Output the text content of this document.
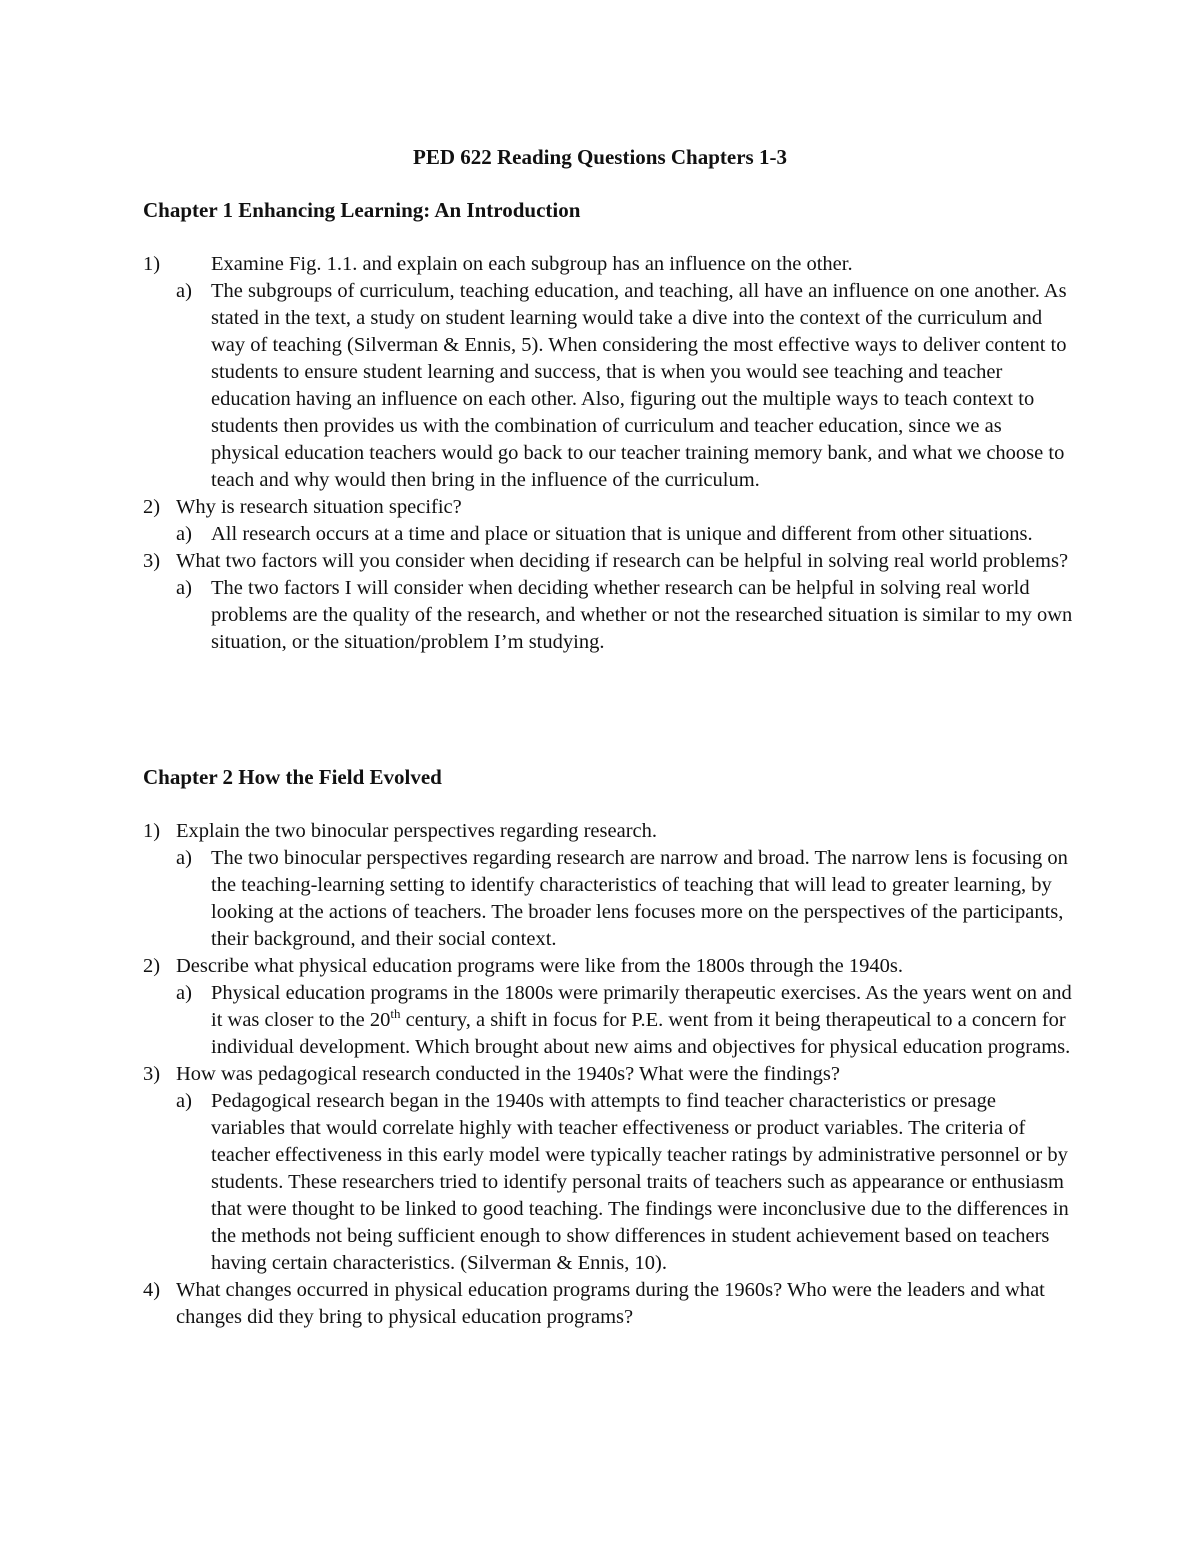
PED 622 Reading Questions Chapters 1-3
Chapter 1 Enhancing Learning: An Introduction
1)	Examine Fig. 1.1. and explain on each subgroup has an influence on the other.
a) The subgroups of curriculum, teaching education, and teaching, all have an influence on one another. As stated in the text, a study on student learning would take a dive into the context of the curriculum and way of teaching (Silverman & Ennis, 5). When considering the most effective ways to deliver content to students to ensure student learning and success, that is when you would see teaching and teacher education having an influence on each other. Also, figuring out the multiple ways to teach context to students then provides us with the combination of curriculum and teacher education, since we as physical education teachers would go back to our teacher training memory bank, and what we choose to teach and why would then bring in the influence of the curriculum.
2) Why is research situation specific?
a) All research occurs at a time and place or situation that is unique and different from other situations.
3) What two factors will you consider when deciding if research can be helpful in solving real world problems?
a) The two factors I will consider when deciding whether research can be helpful in solving real world problems are the quality of the research, and whether or not the researched situation is similar to my own situation, or the situation/problem I’m studying.
Chapter 2 How the Field Evolved
1) Explain the two binocular perspectives regarding research.
a) The two binocular perspectives regarding research are narrow and broad. The narrow lens is focusing on the teaching-learning setting to identify characteristics of teaching that will lead to greater learning, by looking at the actions of teachers. The broader lens focuses more on the perspectives of the participants, their background, and their social context.
2) Describe what physical education programs were like from the 1800s through the 1940s.
a) Physical education programs in the 1800s were primarily therapeutic exercises. As the years went on and it was closer to the 20th century, a shift in focus for P.E. went from it being therapeutical to a concern for individual development. Which brought about new aims and objectives for physical education programs.
3) How was pedagogical research conducted in the 1940s? What were the findings?
a) Pedagogical research began in the 1940s with attempts to find teacher characteristics or presage variables that would correlate highly with teacher effectiveness or product variables. The criteria of teacher effectiveness in this early model were typically teacher ratings by administrative personnel or by students. These researchers tried to identify personal traits of teachers such as appearance or enthusiasm that were thought to be linked to good teaching. The findings were inconclusive due to the differences in the methods not being sufficient enough to show differences in student achievement based on teachers having certain characteristics. (Silverman & Ennis, 10).
4) What changes occurred in physical education programs during the 1960s? Who were the leaders and what changes did they bring to physical education programs?
